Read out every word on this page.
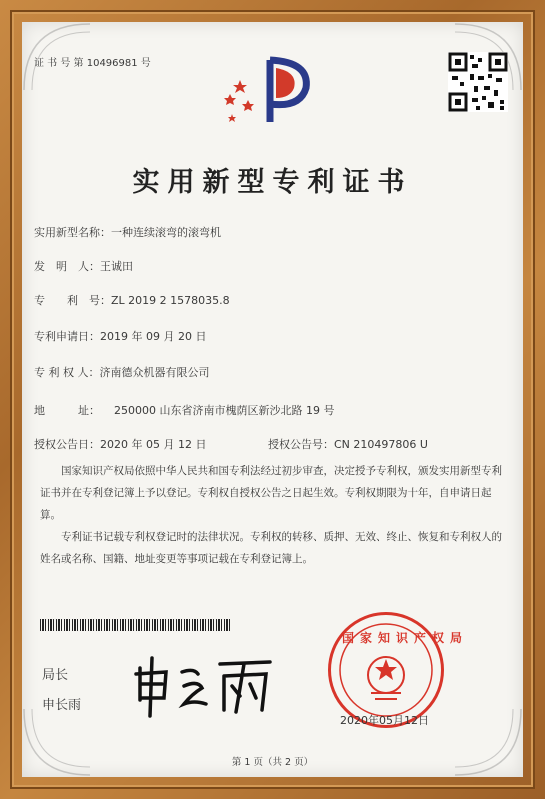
证 书 号 第 10496981 号
实用新型专利证书
实用新型名称：一种连续滚弯的滚弯机
发　明　人：王诚田
专　　利　号：ZL 2019 2 1578035.8
专利申请日：2019 年 09 月 20 日
专 利 权 人：济南德众机器有限公司
地　　　址： 250000 山东省济南市槐荫区新沙北路 19 号
授权公告日：2020 年 05 月 12 日	授权公告号：CN 210497806 U
国家知识产权局依照中华人民共和国专利法经过初步审查，决定授予专利权，颁发实用新型专利证书并在专利登记簿上予以登记。专利权自授权公告之日起生效。专利权期限为十年，自申请日起算。
专利证书记载专利权登记时的法律状况。专利权的转移、质押、无效、终止、恢复和专利权人的姓名或名称、国籍、地址变更等事项记载在专利登记簿上。
局长
申长雨
国家知识产权局
2020年05月12日
第 1 页（共 2 页）
